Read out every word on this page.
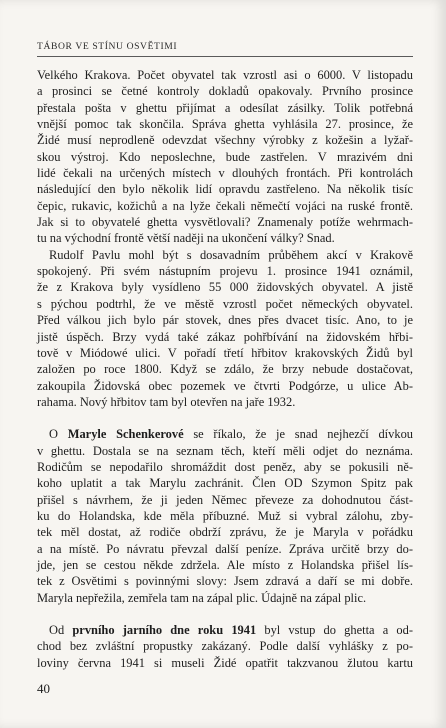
TÁBOR VE STÍNU OSVĚTIMI
Velkého Krakova. Počet obyvatel tak vzrostl asi o 6000. V listopadu
a prosinci se četné kontroly dokladů opakovaly. Prvního prosince
přestala pošta v ghettu přijímat a odesílat zásilky. Tolik potřebná
vnější pomoc tak skončila. Správa ghetta vyhlásila 27. prosince, že
Židé musí neprodleně odevzdat všechny výrobky z kožešin a lyžař-
skou výstroj. Kdo neposlechne, bude zastřelen. V mrazivém dni
lidé čekali na určených místech v dlouhých frontách. Při kontrolách
následující den bylo několik lidí opravdu zastřeleno. Na několik tisíc
čepic, rukavic, kožichů a na lyže čekali němečtí vojáci na ruské frontě.
Jak si to obyvatelé ghetta vysvětlovali? Znamenaly potíže wehrmach-
tu na východní frontě větší naději na ukončení války? Snad.
Rudolf Pavlu mohl být s dosavadním průběhem akcí v Krakově
spokojený. Při svém nástupním projevu 1. prosince 1941 oznámil,
že z Krakova byly vysídleno 55 000 židovských obyvatel. A jistě
s pýchou podtrhl, že ve městě vzrostl počet německých obyvatel.
Před válkou jich bylo pár stovek, dnes přes dvacet tisíc. Ano, to je
jistě úspěch. Brzy vydá také zákaz pohřbívání na židovském hřbi-
tově v Miódowé ulici. V pořadí třetí hřbitov krakovských Židů byl
založen po roce 1800. Když se zdálo, že brzy nebude dostačovat,
zakoupila Židovská obec pozemek ve čtvrti Podgórze, u ulice Ab-
rahama. Nový hřbitov tam byl otevřen na jaře 1932.
O Maryle Schenkerové se říkalo, že je snad nejhezčí dívkou
v ghettu. Dostala se na seznam těch, kteří měli odjet do neznáma.
Rodičům se nepodařilo shromáždit dost peněz, aby se pokusili ně-
koho uplatit a tak Marylu zachránit. Člen OD Szymon Spitz pak
přišel s návrhem, že ji jeden Němec převeze za dohodnutou část-
ku do Holandska, kde měla příbuzné. Muž si vybral zálohu, zby-
tek měl dostat, až rodiče obdrží zprávu, že je Maryla v pořádku
a na místě. Po návratu převzal další peníze. Zpráva určitě brzy do-
jde, jen se cestou někde zdržela. Ale místo z Holandska přišel lís-
tek z Osvětimi s povinnými slovy: Jsem zdravá a daří se mi dobře.
Maryla nepřežila, zemřela tam na zápal plic. Údajně na zápal plic.
Od prvního jarního dne roku 1941 byl vstup do ghetta a od-
chod bez zvláštní propustky zakázaný. Podle další vyhlášky z po-
loviny června 1941 si museli Židé opatřit takzvanou žlutou kartu
40
